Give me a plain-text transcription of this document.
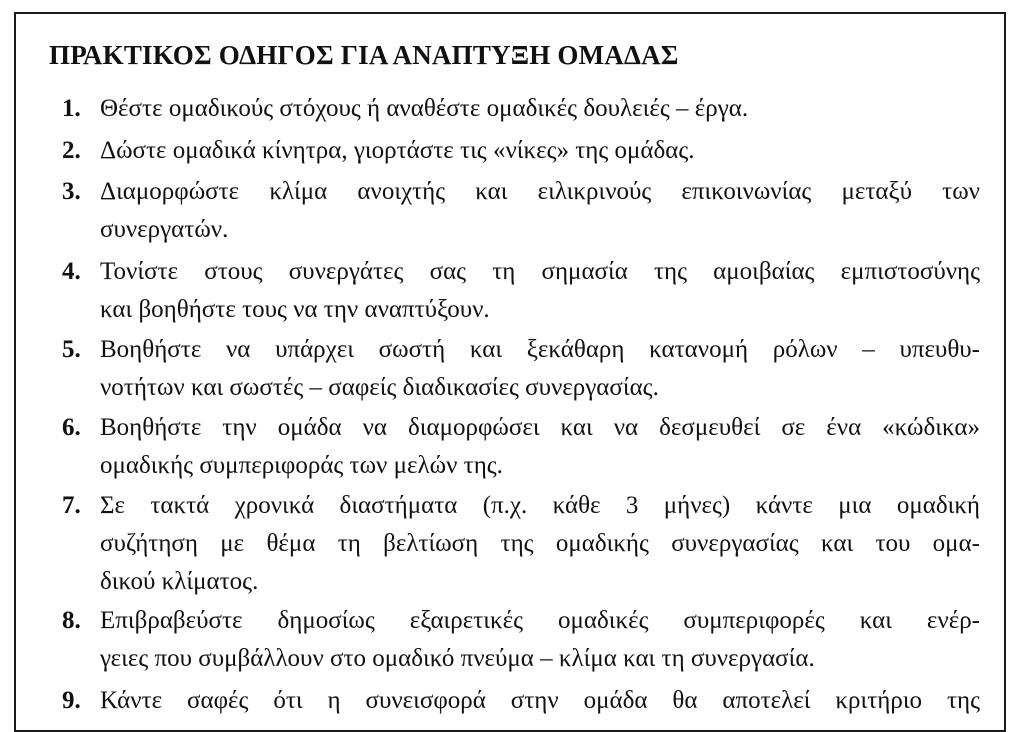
ΠΡΑΚΤΙΚΟΣ ΟΔΗΓΟΣ ΓΙΑ ΑΝΑΠΤΥΞΗ ΟΜΑΔΑΣ
1. Θέστε ομαδικούς στόχους ή αναθέστε ομαδικές δουλειές – έργα.
2. Δώστε ομαδικά κίνητρα, γιορτάστε τις «νίκες» της ομάδας.
3. Διαμορφώστε κλίμα ανοιχτής και ειλικρινούς επικοινωνίας μεταξύ των
συνεργατών.
4. Τονίστε στους συνεργάτες σας τη σημασία της αμοιβαίας εμπιστοσύνης
και βοηθήστε τους να την αναπτύξουν.
5. Βοηθήστε να υπάρχει σωστή και ξεκάθαρη κατανομή ρόλων – υπευθυ-
νοτήτων και σωστές – σαφείς διαδικασίες συνεργασίας.
6. Βοηθήστε την ομάδα να διαμορφώσει και να δεσμευθεί σε ένα «κώδικα»
ομαδικής συμπεριφοράς των μελών της.
7. Σε τακτά χρονικά διαστήματα (π.χ. κάθε 3 μήνες) κάντε μια ομαδική
συζήτηση με θέμα τη βελτίωση της ομαδικής συνεργασίας και του ομα-
δικού κλίματος.
8. Επιβραβεύστε δημοσίως εξαιρετικές ομαδικές συμπεριφορές και ενέρ-
γειες που συμβάλλουν στο ομαδικό πνεύμα – κλίμα και τη συνεργασία.
9. Κάντε σαφές ότι η συνεισφορά στην ομάδα θα αποτελεί κριτήριο της
